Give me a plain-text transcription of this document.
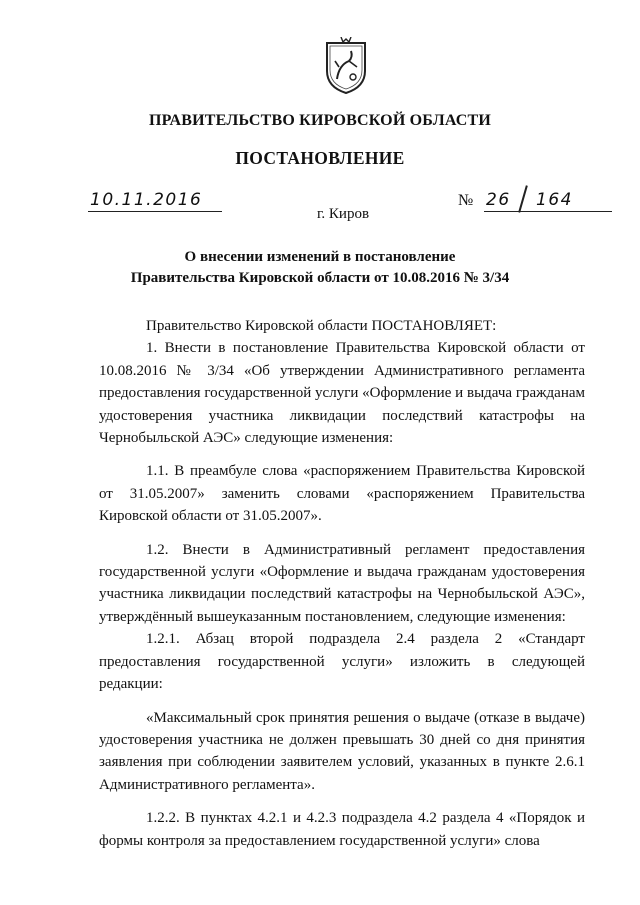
ПРАВИТЕЛЬСТВО КИРОВСКОЙ ОБЛАСТИ
ПОСТАНОВЛЕНИЕ
10.11.2016	№ 26 164
г. Киров
О внесении изменений в постановление
Правительства Кировской области от 10.08.2016 № 3/34

Правительство Кировской области ПОСТАНОВЛЯЕТ:

1. Внести в постановление Правительства Кировской области от 10.08.2016 № 3/34 «Об утверждении Административного регламента предоставления государственной услуги «Оформление и выдача гражданам удостоверения участника ликвидации последствий катастрофы на Чернобыльской АЭС» следующие изменения:

1.1. В преамбуле слова «распоряжением Правительства Кировской от 31.05.2007» заменить словами «распоряжением Правительства Кировской области от 31.05.2007».

1.2. Внести в Административный регламент предоставления государственной услуги «Оформление и выдача гражданам удостоверения участника ликвидации последствий катастрофы на Чернобыльской АЭС», утверждённый вышеуказанным постановлением, следующие изменения:

1.2.1. Абзац второй подраздела 2.4 раздела 2 «Стандарт предоставления государственной услуги» изложить в следующей редакции:

«Максимальный срок принятия решения о выдаче (отказе в выдаче) удостоверения участника не должен превышать 30 дней со дня принятия заявления при соблюдении заявителем условий, указанных в пункте 2.6.1 Административного регламента».

1.2.2. В пунктах 4.2.1 и 4.2.3 подраздела 4.2 раздела 4 «Порядок и формы контроля за предоставлением государственной услуги» слова
